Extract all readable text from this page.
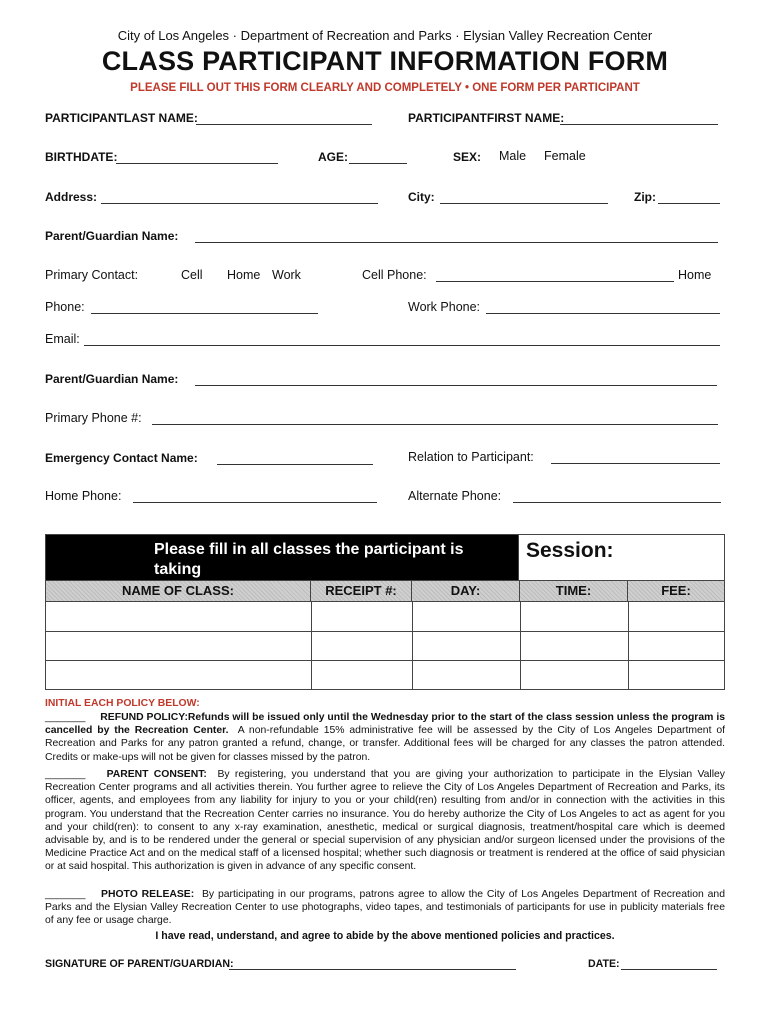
City of Los Angeles · Department of Recreation and Parks · Elysian Valley Recreation Center
CLASS PARTICIPANT INFORMATION FORM
PLEASE FILL OUT THIS FORM CLEARLY AND COMPLETELY • ONE FORM PER PARTICIPANT
PARTICIPANTLAST NAME:	PARTICIPANTFIRST NAME:
BIRTHDATE:	AGE:	SEX: Male Female
Address:	City:	Zip:
Parent/Guardian Name:
Primary Contact:	Cell Home Work	Cell Phone:	Home
Phone:	Work Phone:
Email:
Parent/Guardian Name:
Primary Phone #:
Emergency Contact Name:	Relation to Participant:
Home Phone:	Alternate Phone:
Please fill in all classes the participant is taking
Session:
NAME OF CLASS:	RECEIPT #:	DAY:	TIME:	FEE:
INITIAL EACH POLICY BELOW:
_______ REFUND POLICY:Refunds will be issued only until the Wednesday prior to the start of the class session unless the program is cancelled by the Recreation Center. A non-refundable 15% administrative fee will be assessed by the City of Los Angeles Department of Recreation and Parks for any patron granted a refund, change, or transfer. Additional fees will be charged for any classes the patron attended. Credits or make-ups will not be given for classes missed by the patron.
_______ PARENT CONSENT: By registering, you understand that you are giving your authorization to participate in the Elysian Valley Recreation Center programs and all activities therein. You further agree to relieve the City of Los Angeles Department of Recreation and Parks, its officer, agents, and employees from any liability for injury to you or your child(ren) resulting from and/or in connection with the activities in this program. You understand that the Recreation Center carries no insurance. You do hereby authorize the City of Los Angeles to act as agent for you and your child(ren): to consent to any x-ray examination, anesthetic, medical or surgical diagnosis, treatment/hospital care which is deemed advisable by, and is to be rendered under the general or special supervision of any physician and/or surgeon licensed under the provisions of the Medicine Practice Act and on the medical staff of a licensed hospital; whether such diagnosis or treatment is rendered at the office of said physician or at said hospital. This authorization is given in advance of any specific consent.
_______ PHOTO RELEASE: By participating in our programs, patrons agree to allow the City of Los Angeles Department of Recreation and Parks and the Elysian Valley Recreation Center to use photographs, video tapes, and testimonials of participants for use in publicity materials free of any fee or usage charge.
I have read, understand, and agree to abide by the above mentioned policies and practices.
SIGNATURE OF PARENT/GUARDIAN:	DATE:
